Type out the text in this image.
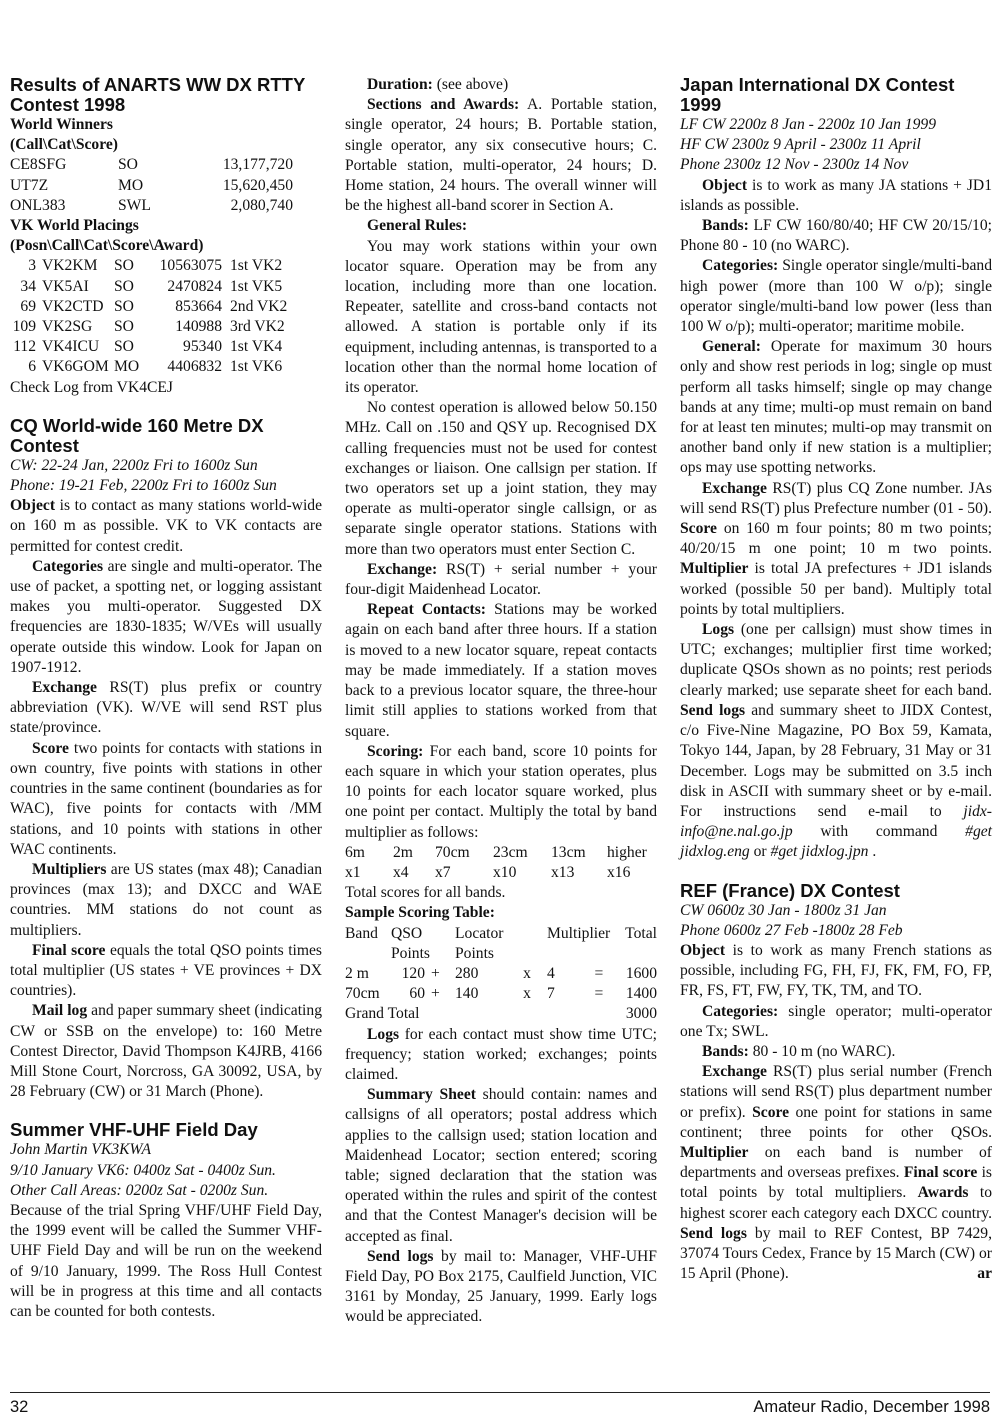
Results of ANARTS WW DX RTTY Contest 1998
World Winners
(Call\Cat\Score)
CE8SFG	SO	13,177,720
UT7Z	MO	15,620,450
ONL383	SWL	2,080,740
VK World Placings
(Posn\Call\Cat\Score\Award)
3	VK2KM	SO	10563075	1st VK2
34	VK5AI	SO	2470824	1st VK5
69	VK2CTD	SO	853664	2nd VK2
109	VK2SG	SO	140988	3rd VK2
112	VK4ICU	SO	95340	1st VK4
6	VK6GOM	MO	4406832	1st VK6

Check Log from VK4CEJ

CQ World-wide 160 Metre DX Contest

CW: 22-24 Jan, 2200z Fri to 1600z Sun

Phone: 19-21 Feb, 2200z Fri to 1600z Sun

Object is to contact as many stations world-wide on 160 m as possible. VK to VK contacts are permitted for contest credit.

Categories are single and multi-operator. The use of packet, a spotting net, or logging assistant makes you multi-operator. Suggested DX frequencies are 1830-1835; W/VEs will usually operate outside this window. Look for Japan on 1907-1912.

Exchange RS(T) plus prefix or country abbreviation (VK). W/VE will send RST plus state/province.

Score two points for contacts with stations in own country, five points with stations in other countries in the same continent (boundaries as for WAC), five points for contacts with /MM stations, and 10 points with stations in other WAC continents.

Multipliers are US states (max 48); Canadian provinces (max 13); and DXCC and WAE countries. MM stations do not count as multipliers.

Final score equals the total QSO points times total multiplier (US states + VE provinces + DX countries).

Mail log and paper summary sheet (indicating CW or SSB on the envelope) to: 160 Metre Contest Director, David Thompson K4JRB, 4166 Mill Stone Court, Norcross, GA 30092, USA, by 28 February (CW) or 31 March (Phone).

Summer VHF-UHF Field Day

John Martin VK3KWA

9/10 January VK6: 0400z Sat - 0400z Sun.

Other Call Areas: 0200z Sat - 0200z Sun.

Because of the trial Spring VHF/UHF Field Day, the 1999 event will be called the Summer VHF-UHF Field Day and will be run on the weekend of 9/10 January, 1999. The Ross Hull Contest will be in progress at this time and all contacts can be counted for both contests.

Duration: (see above)

Sections and Awards: A. Portable station, single operator, 24 hours; B. Portable station, single operator, any six consecutive hours; C. Portable station, multi-operator, 24 hours; D. Home station, 24 hours. The overall winner will be the highest all-band scorer in Section A.

General Rules:

You may work stations within your own locator square. Operation may be from any location, including more than one location. Repeater, satellite and cross-band contacts not allowed. A station is portable only if its equipment, including antennas, is transported to a location other than the normal home location of its operator.

No contest operation is allowed below 50.150 MHz. Call on .150 and QSY up. Recognised DX calling frequencies must not be used for contest exchanges or liaison. One callsign per station. If two operators set up a joint station, they may operate as multi-operator single callsign, or as separate single operator stations. Stations with more than two operators must enter Section C.

Exchange: RS(T) + serial number + your four-digit Maidenhead Locator.

Repeat Contacts: Stations may be worked again on each band after three hours. If a station is moved to a new locator square, repeat contacts may be made immediately. If a station moves back to a previous locator square, the three-hour limit still applies to stations worked from that square.

Scoring: For each band, score 10 points for each square in which your station operates, plus 10 points for each locator square worked, plus one point per contact. Multiply the total by band multiplier as follows:

6m	2m	70cm	23cm	13cm	higher
x1	x4	x7	x10	x13	x16

Total scores for all bands.

Sample Scoring Table:

Band	QSO		Locator		Multiplier		Total
	Points		Points				
2 m	120	+	280	x	4	=	1600
70cm	60	+	140	x	7	=	1400
Grand Total							3000

Logs for each contact must show time UTC; frequency; station worked; exchanges; points claimed.

Summary Sheet should contain: names and callsigns of all operators; postal address which applies to the callsign used; station location and Maidenhead Locator; section entered; scoring table; signed declaration that the station was operated within the rules and spirit of the contest and that the Contest Manager's decision will be accepted as final.

Send logs by mail to: Manager, VHF-UHF Field Day, PO Box 2175, Caulfield Junction, VIC 3161 by Monday, 25 January, 1999. Early logs would be appreciated.

Japan International DX Contest 1999

LF CW 2200z 8 Jan - 2200z 10 Jan 1999

HF CW 2300z 9 April - 2300z 11 April

Phone 2300z 12 Nov - 2300z 14 Nov

Object is to work as many JA stations + JD1 islands as possible.

Bands: LF CW 160/80/40; HF CW 20/15/10; Phone 80 - 10 (no WARC).

Categories: Single operator single/multi-band high power (more than 100 W o/p); single operator single/multi-band low power (less than 100 W o/p); multi-operator; maritime mobile.

General: Operate for maximum 30 hours only and show rest periods in log; single op must perform all tasks himself; single op may change bands at any time; multi-op must remain on band for at least ten minutes; multi-op may transmit on another band only if new station is a multiplier; ops may use spotting networks.

Exchange RS(T) plus CQ Zone number. JAs will send RS(T) plus Prefecture number (01 - 50). Score on 160 m four points; 80 m two points; 40/20/15 m one point; 10 m two points. Multiplier is total JA prefectures + JD1 islands worked (possible 50 per band). Multiply total points by total multipliers.

Logs (one per callsign) must show times in UTC; exchanges; multiplier first time worked; duplicate QSOs shown as no points; rest periods clearly marked; use separate sheet for each band. Send logs and summary sheet to JIDX Contest, c/o Five-Nine Magazine, PO Box 59, Kamata, Tokyo 144, Japan, by 28 February, 31 May or 31 December. Logs may be submitted on 3.5 inch disk in ASCII with summary sheet or by e-mail. For instructions send e-mail to jidx-info@ne.nal.go.jp with command #get jidxlog.eng or #get jidxlog.jpn .

REF (France) DX Contest

CW 0600z 30 Jan - 1800z 31 Jan

Phone 0600z 27 Feb -1800z 28 Feb

Object is to work as many French stations as possible, including FG, FH, FJ, FK, FM, FO, FP, FR, FS, FT, FW, FY, TK, TM, and TO.

Categories: single operator; multi-operator one Tx; SWL.

Bands: 80 - 10 m (no WARC).

Exchange RS(T) plus serial number (French stations will send RS(T) plus department number or prefix). Score one point for stations in same continent; three points for other QSOs. Multiplier on each band is number of departments and overseas prefixes. Final score is total points by total multipliers. Awards to highest scorer each category each DXCC country. Send logs by mail to REF Contest, BP 7429, 37074 Tours Cedex, France by 15 March (CW) or 15 April (Phone).	ar

32	Amateur Radio, December 1998
